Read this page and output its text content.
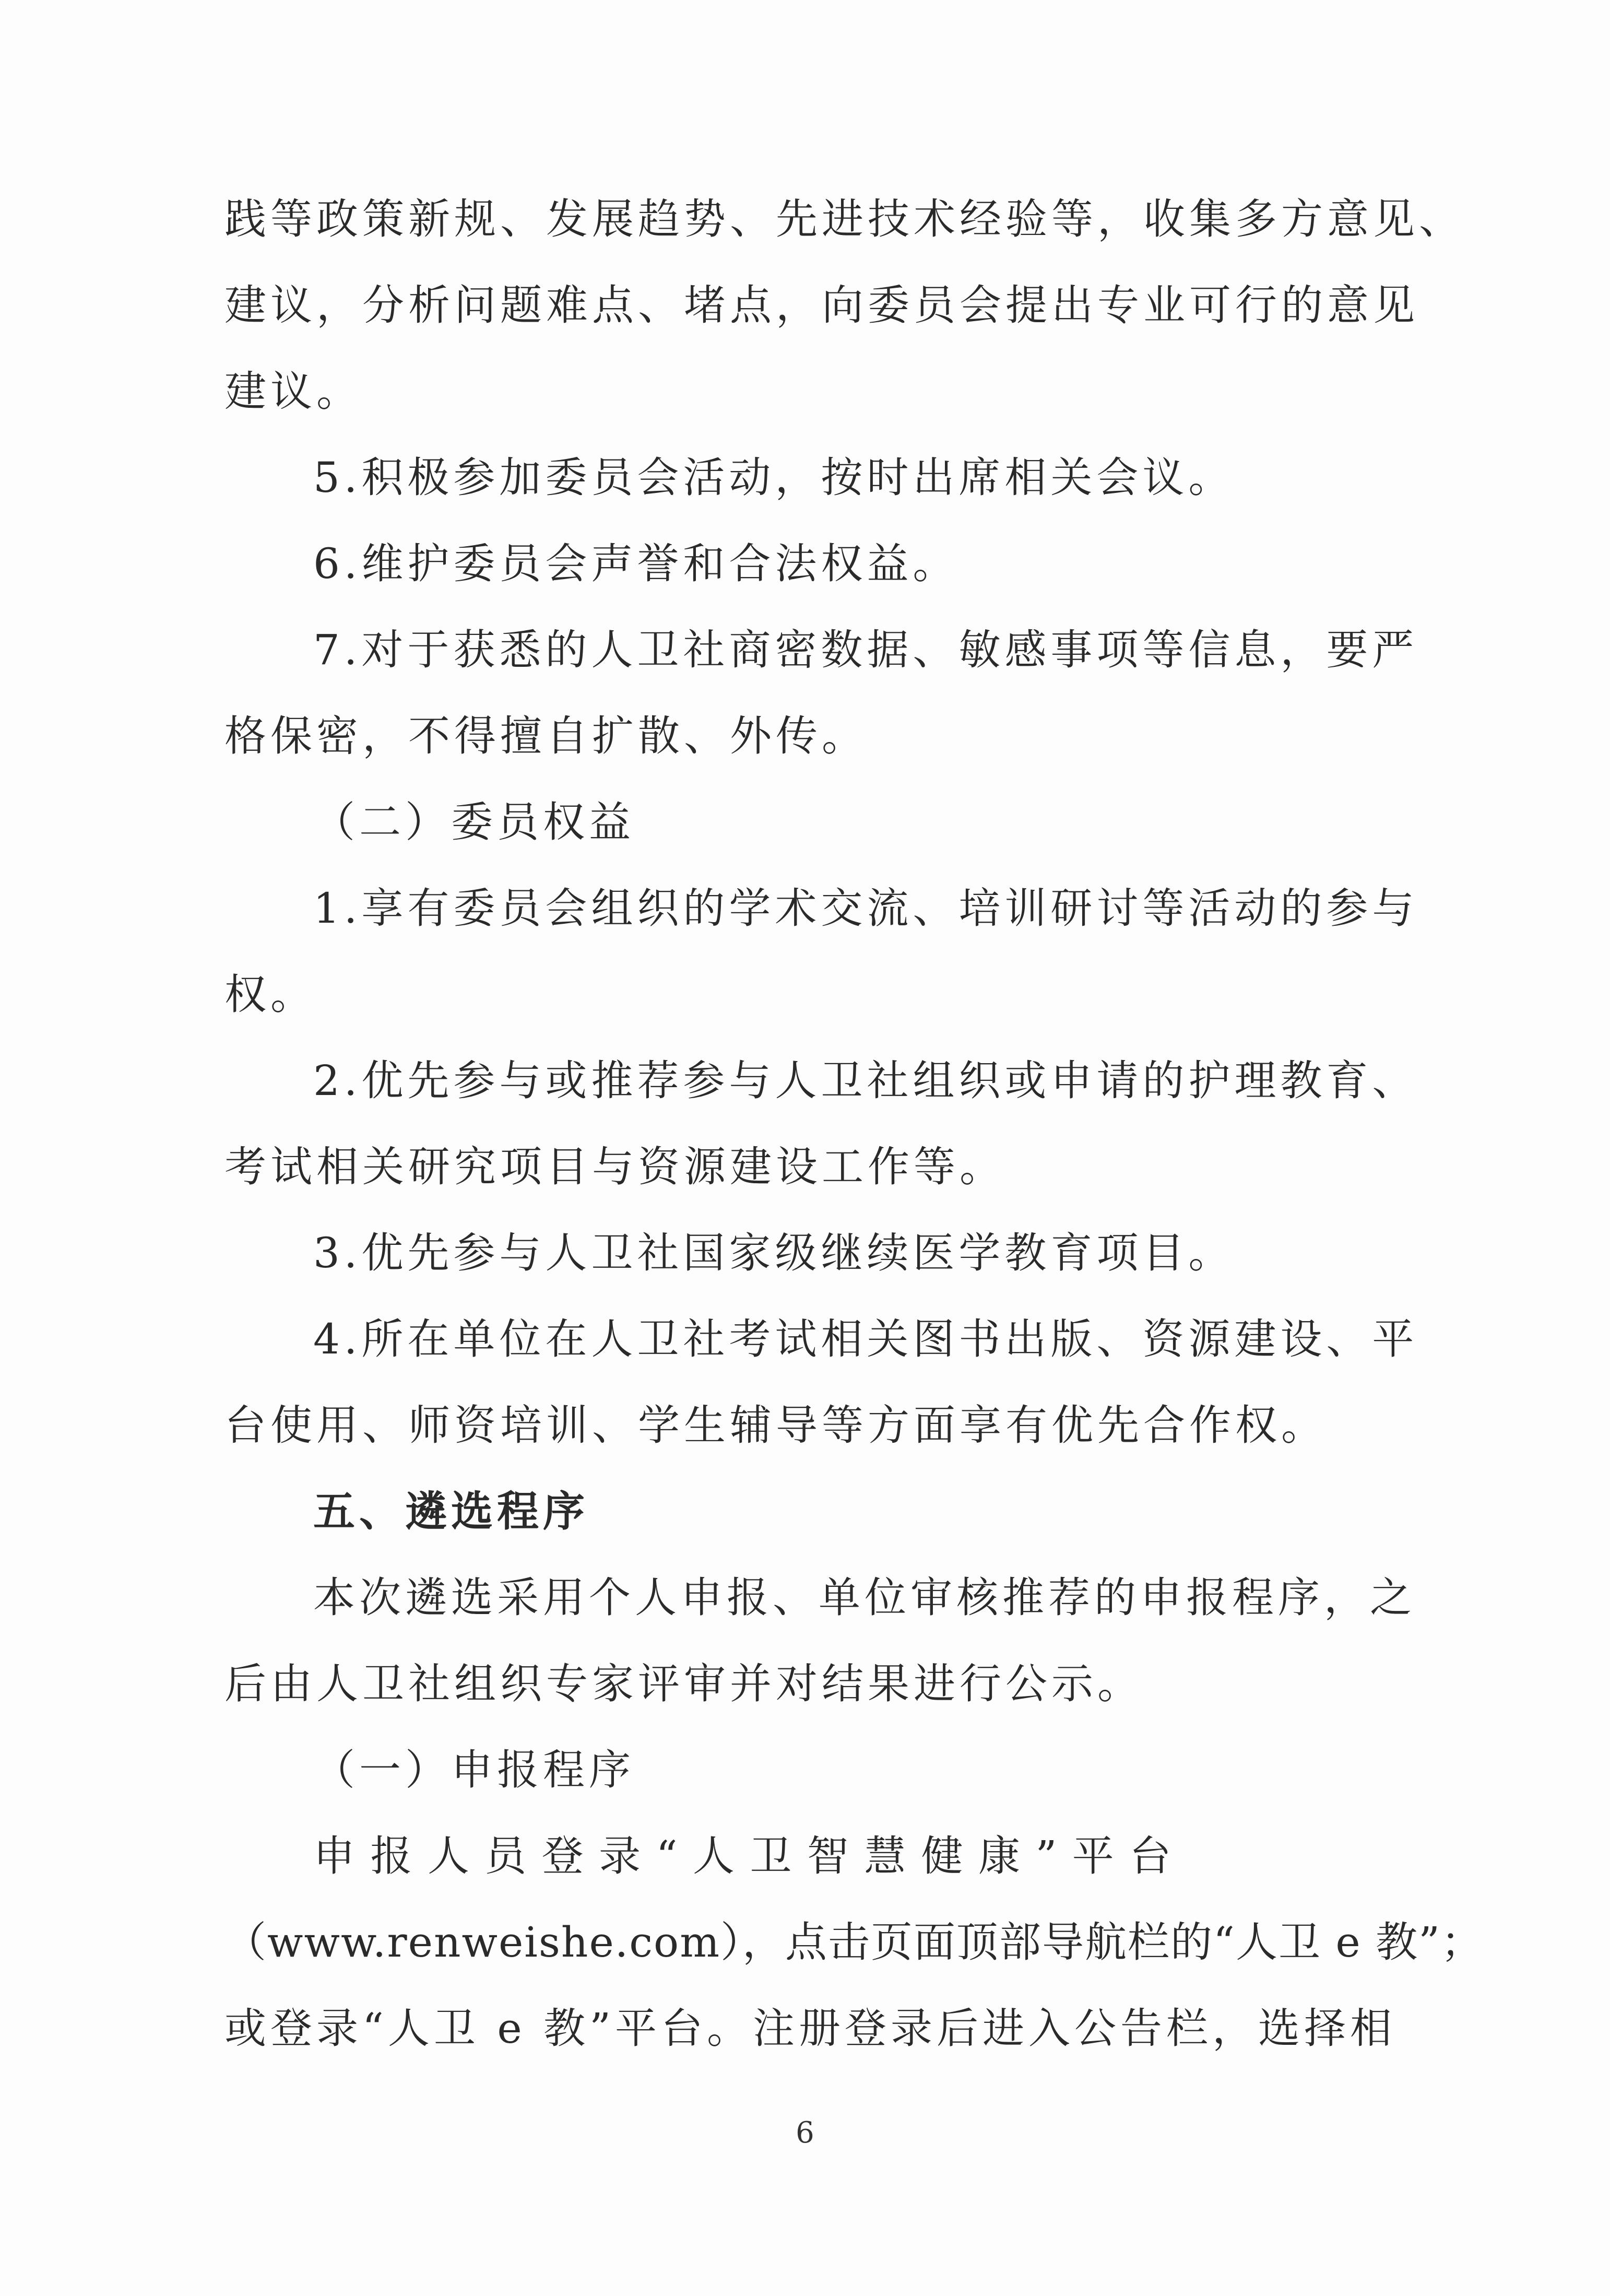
践等政策新规、发展趋势、先进技术经验等，收集多方意见、
建议，分析问题难点、堵点，向委员会提出专业可行的意见
建议。
5.积极参加委员会活动，按时出席相关会议。
6.维护委员会声誉和合法权益。
7.对于获悉的人卫社商密数据、敏感事项等信息，要严
格保密，不得擅自扩散、外传。
（二）委员权益
1.享有委员会组织的学术交流、培训研讨等活动的参与
权。
2.优先参与或推荐参与人卫社组织或申请的护理教育、
考试相关研究项目与资源建设工作等。
3.优先参与人卫社国家级继续医学教育项目。
4.所在单位在人卫社考试相关图书出版、资源建设、平
台使用、师资培训、学生辅导等方面享有优先合作权。
五、遴选程序
本次遴选采用个人申报、单位审核推荐的申报程序，之
后由人卫社组织专家评审并对结果进行公示。
（一）申报程序
申 报 人 员 登 录 “ 人 卫 智 慧 健 康 ” 平 台
（www.renweishe.com），点击页面顶部导航栏的“人卫 e 教”；
或登录“人卫 e 教”平台。注册登录后进入公告栏，选择相
6
